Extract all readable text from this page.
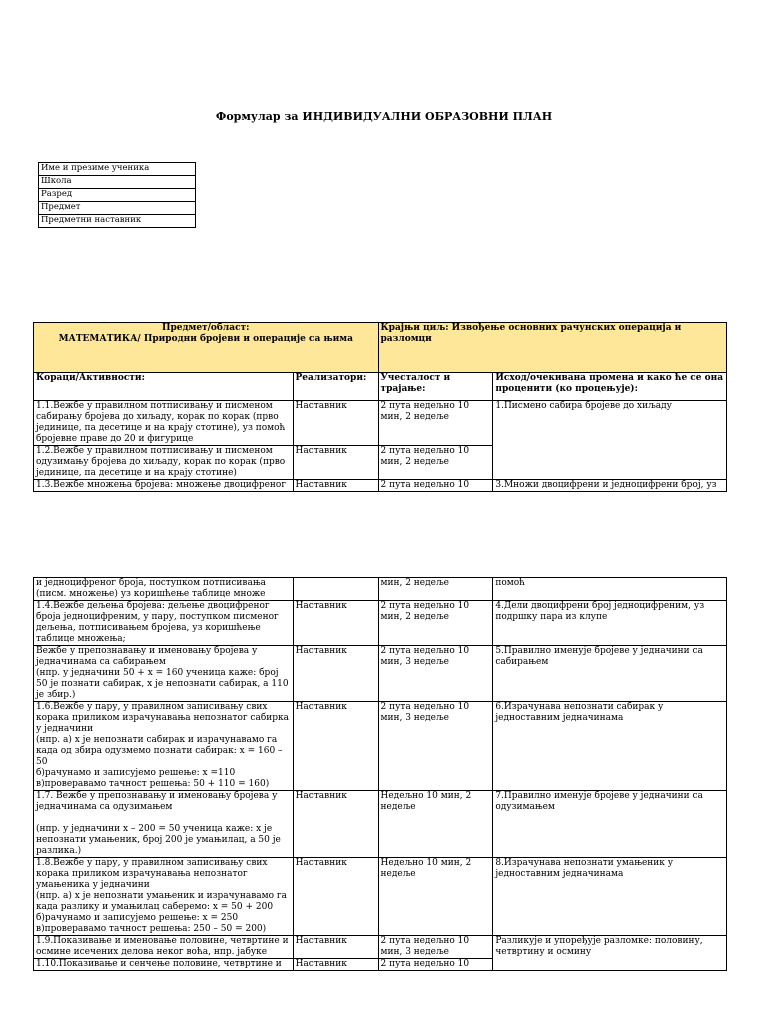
Формулар за ИНДИВИДУАЛНИ ОБРАЗОВНИ ПЛАН
Име и презиме ученика
Школа
Разред
Предмет
Предметни наставник
Предмет/област:
МАТЕМАТИКА/ Природни бројеви и операције са њима		Крајњи циљ: Извођење основних рачунских операција и разломци	
Кораци/Активности:	Реализатори:	Учесталост и трајање:	Исход/очекивана промена и како ће се она проценити (ко процењује):
1.1.Вежбе у правилном потписивању и писменом сабирању бројева до хиљаду, корак по корак (прво јединице, па десетице и на крају стотине), уз помоћ бројевне праве до 20 и фигурице	Наставник	2 пута недељно 10 мин, 2 недеље	1.Писмено сабира бројеве до хиљаду
1.2.Вежбе у правилном потписивању и писменом одузимању бројева до хиљаду, корак по корак (прво јединице, па десетице и на крају стотине)	Наставник	2 пута недељно 10 мин, 2 недеље	
1.3.Вежбе множења бројева: множење двоцифреног	Наставник	2 пута недељно 10	3.Множи двоцифрени и једноцифрени број, уз
и једноцифреног броја, поступком потписивања (писм. множење) уз коришћење таблице множе		мин, 2 недеље	помоћ
1.4.Вежбе дељења бројева: дељење двоцифреног броја једноцифреним, у пару, поступком писменог дељења, потписивањем бројева, уз коришћење таблице множења;	Наставник	2 пута недељно 10 мин, 2 недеље	4.Дели двоцифрени број једноцифреним, уз подршку пара из клупе
Вежбе у препознавању и именовању бројева у једначинама са сабирањем
(нпр. у једначини 50 + x = 160 ученица каже: број 50 је познати сабирак, x је непознати сабирак, а 110 је збир.)	Наставник	2 пута недељно 10 мин, 3 недеље	5.Правилно именује бројеве у једначини са сабирањем
1.6.Вежбе у пару, у правилном записивању свих корака приликом израчунавања непознатог сабирка у једначини
(нпр. а) x је непознати сабирак и израчунавамо га када од збира одузмемо познати сабирак: x = 160 – 50
б)рачунамо и записујемо решење: x =110
в)проверавамо тачност решења: 50 + 110 = 160)	Наставник	2 пута недељно 10 мин, 3 недеље	6.Израчунава непознати сабирак у једноставним једначинама
1.7. Вежбе у препознавању и именовању бројева у једначинама са одузимањем

(нпр. у једначини x – 200 = 50 ученица каже: x је непознати умањеник, број 200 је умањилац, а 50 је разлика.)	Наставник	Недељно 10 мин, 2 недеље	7.Правилно именује бројеве у једначини са одузимањем
1.8.Вежбе у пару, у правилном записивању свих корака приликом израчунавања непознатог умањеника у једначини
(нпр. а) x је непознати умањеник и израчунавамо га када разлику и умањилац саберемо: x = 50 + 200
б)рачунамо и записујемо решење: x = 250
в)проверавамо тачност решења: 250 – 50 = 200)	Наставник	Недељно 10 мин, 2 недеље	8.Израчунава непознати умањеник у једноставним једначинама
1.9.Показивање и именовање половине, четвртине и осмине исечених делова неког воћа, нпр. јабуке	Наставник	2 пута недељно 10 мин, 3 недеље	Разликује и упоређује разломке: половину, четвртину и осмину
1.10.Показивање и сенчење половине, четвртине и	Наставник	2 пута недељно 10	
